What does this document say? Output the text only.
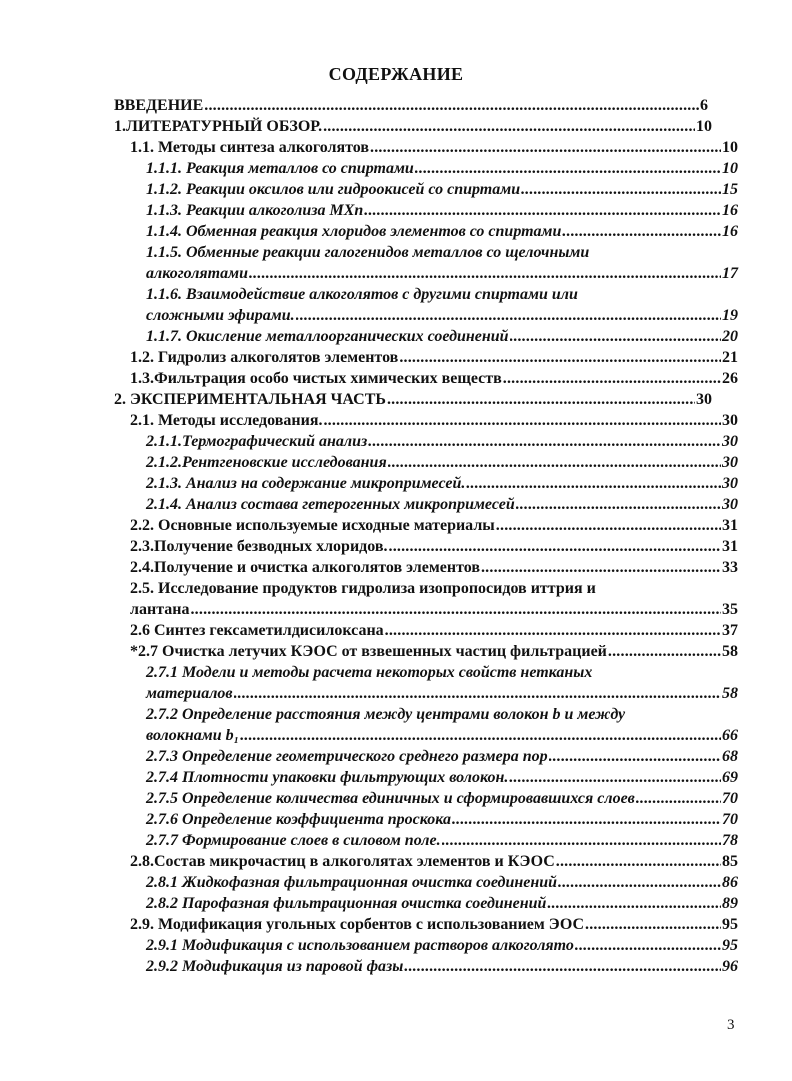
СОДЕРЖАНИЕ
ВВЕДЕНИЕ .....	6
1.ЛИТЕРАТУРНЫЙ ОБЗОР. .....	10
1.1. Методы синтеза алкоголятов .....	10
1.1.1. Реакция металлов со спиртами .....	10
1.1.2. Реакции оксилов или гидроокисей со спиртами .....	15
1.1.3. Реакции алкоголиза МХп .....	16
1.1.4. Обменная реакция хлоридов элементов со спиртами .....	16
1.1.5. Обменные реакции галогенидов металлов со щелочными
алкоголятами .....	17
1.1.6. Взаимодействие алкоголятов с другими спиртами или
сложными эфирами. .....	19
1.1.7. Окисление металлоорганических соединений .....	20
1.2. Гидролиз алкоголятов элементов .....	21
1.3.Фильтрация особо чистых химических веществ .....	26
2. ЭКСПЕРИМЕНТАЛЬНАЯ ЧАСТЬ .....	30
2.1. Методы исследования. .....	30
2.1.1.Термографический анализ .....	30
2.1.2.Рентгеновские исследования .....	30
2.1.3. Анализ на содержание микропримесей. .....	30
2.1.4. Анализ состава гетерогенных микропримесей .....	30
2.2. Основные используемые исходные материалы .....	31
2.3.Получение безводных хлоридов. .....	31
2.4.Получение и очистка алкоголятов элементов .....	33
2.5. Исследование продуктов гидролиза изопропосидов иттрия и
лантана .....	35
2.6 Синтез гексаметилдисилоксана .....	37
*2.7 Очистка летучих КЭОС от взвешенных частиц фильтрацией .....	58
2.7.1 Модели и методы расчета некоторых свойств нетканых
материалов .....	58
2.7.2 Определение расстояния между центрами волокон b и между
волокнами b₁ .....	66
2.7.3 Определение геометрического среднего размера пор .....	68
2.7.4 Плотности упаковки фильтрующих волокон. .....	69
2.7.5 Определение количества единичных и сформировавшихся слоев .....	70
2.7.6 Определение коэффициента проскока .....	70
2.7.7 Формирование слоев в силовом поле. .....	78
2.8.Состав микрочастиц в алкоголятах элементов и КЭОС .....	85
2.8.1 Жидкофазная фильтрационная очистка соединений .....	86
2.8.2 Парофазная фильтрационная очистка соединений .....	89
2.9. Модификация угольных сорбентов с использованием ЭОС .....	95
2.9.1 Модификация с использованием растворов алкоголято .....	95
2.9.2 Модификация из паровой фазы .....	96
3
